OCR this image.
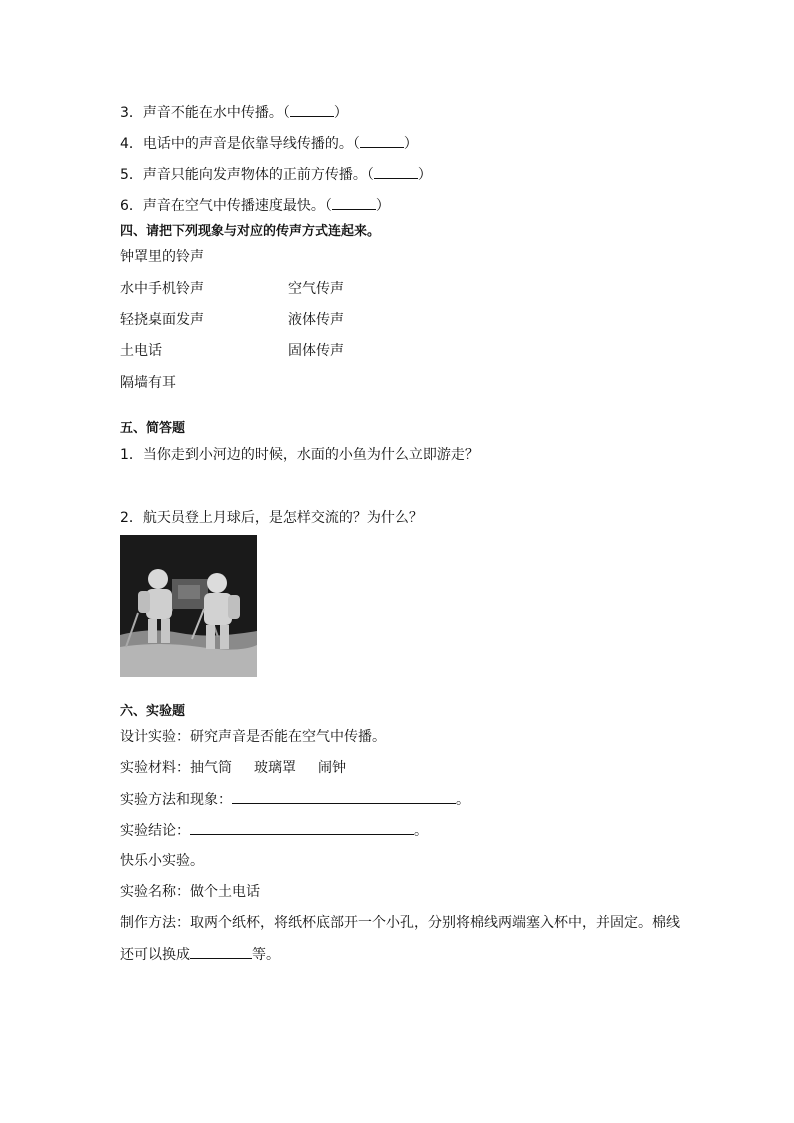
3．声音不能在水中传播。（	）
4．电话中的声音是依靠导线传播的。（	）
5．声音只能向发声物体的正前方传播。（	）
6．声音在空气中传播速度最快。（	）
四、请把下列现象与对应的传声方式连起来。
钟罩里的铃声
水中手机铃声
轻挠桌面发声
土电话
隔墙有耳
空气传声
液体传声
固体传声
五、简答题
1．当你走到小河边的时候，水面的小鱼为什么立即游走？
2．航天员登上月球后，是怎样交流的？为什么？
六、实验题
设计实验：研究声音是否能在空气中传播。
实验材料：抽气筒 玻璃罩 闹钟
实验方法和现象：	。
实验结论：	。
快乐小实验。
实验名称：做个土电话
制作方法：取两个纸杯，将纸杯底部开一个小孔，分别将棉线两端塞入杯中，并固定。棉线
还可以换成	等。
